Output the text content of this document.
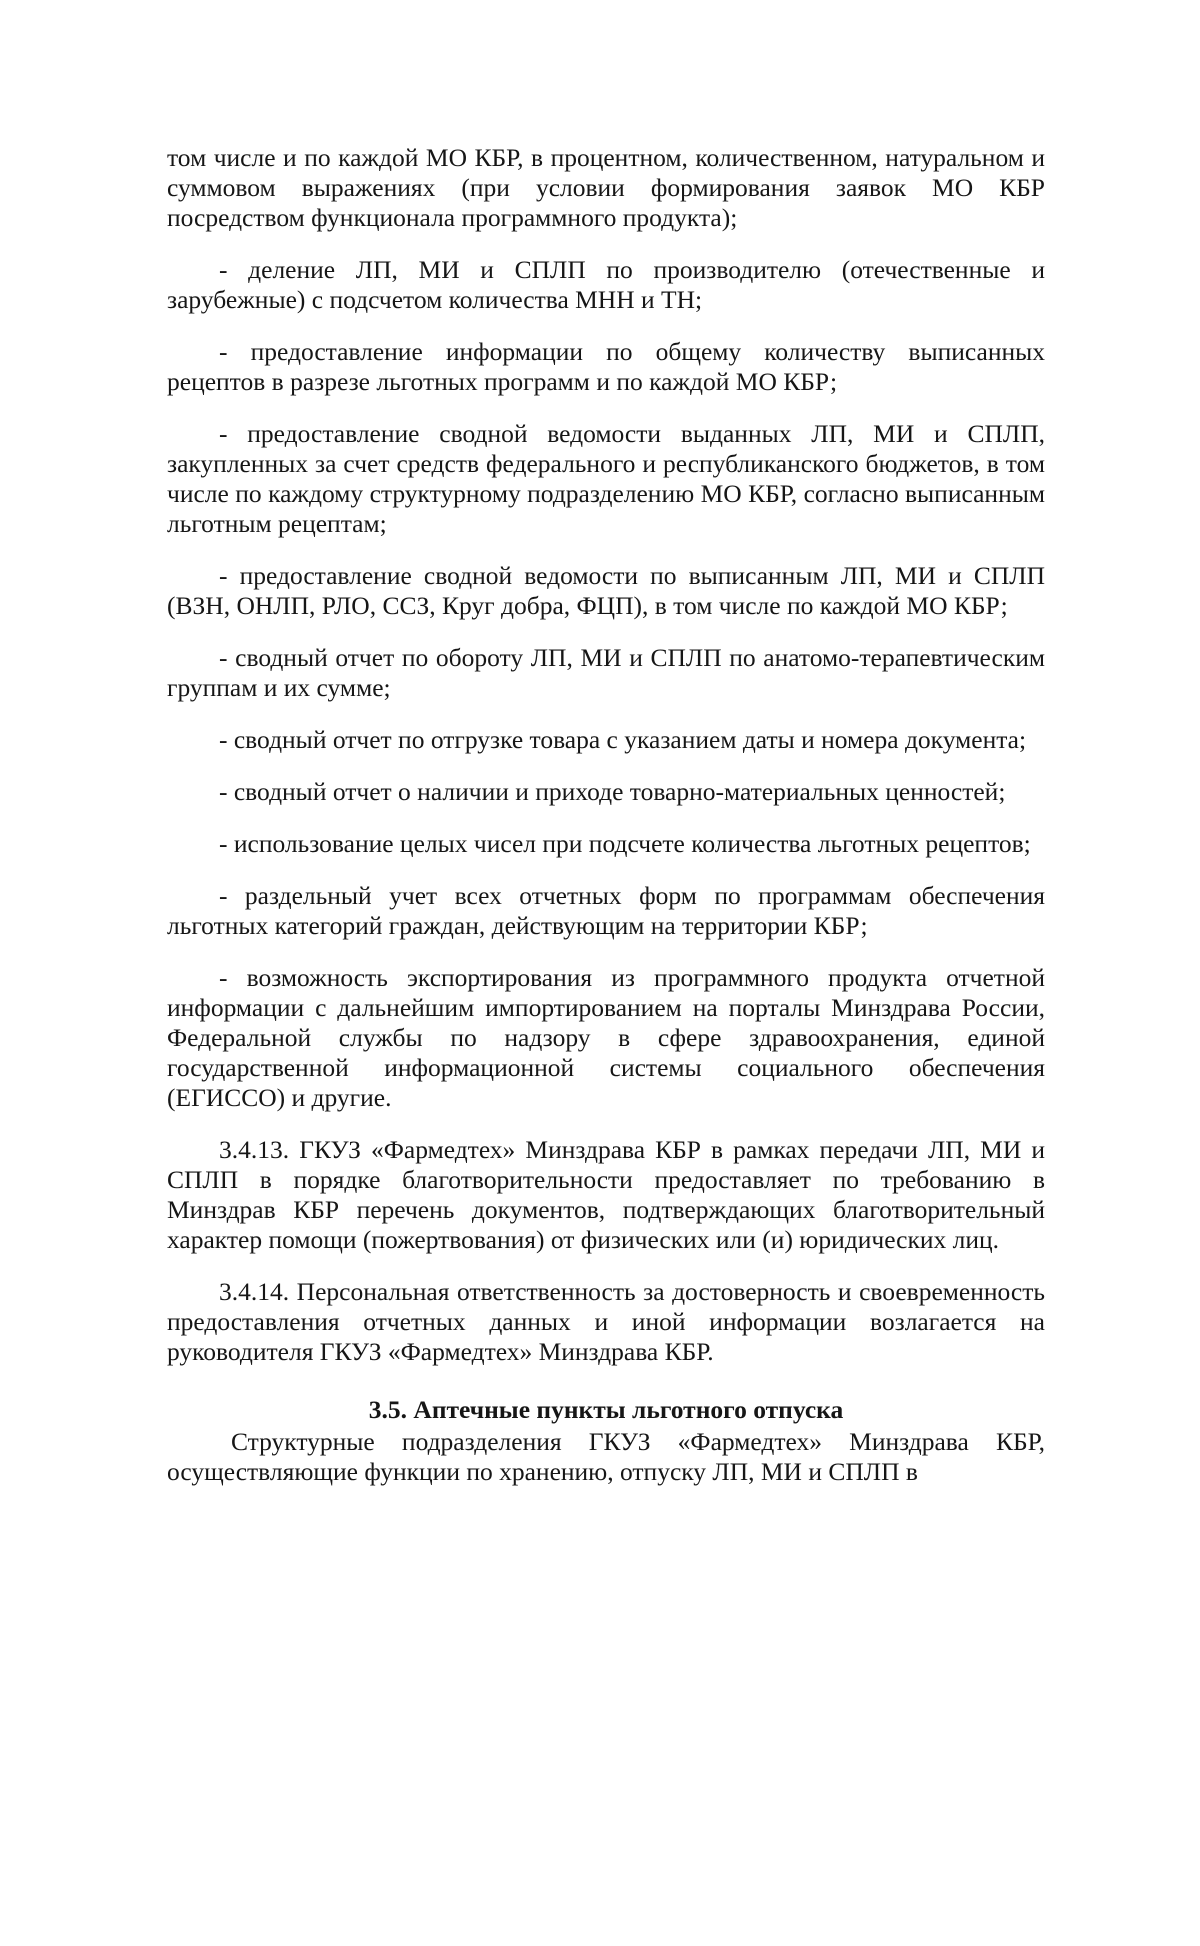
том числе и по каждой МО КБР, в процентном, количественном, натуральном и суммовом выражениях (при условии формирования заявок МО КБР посредством функционала программного продукта);

- деление ЛП, МИ и СПЛП по производителю (отечественные и зарубежные) с подсчетом количества МНН и ТН;

- предоставление информации по общему количеству выписанных рецептов в разрезе льготных программ и по каждой МО КБР;

- предоставление сводной ведомости выданных ЛП, МИ и СПЛП, закупленных за счет средств федерального и республиканского бюджетов, в том числе по каждому структурному подразделению МО КБР, согласно выписанным льготным рецептам;

- предоставление сводной ведомости по выписанным ЛП, МИ и СПЛП (ВЗН, ОНЛП, РЛО, ССЗ, Круг добра, ФЦП), в том числе по каждой МО КБР;

- сводный отчет по обороту ЛП, МИ и СПЛП по анатомо-терапевтическим группам и их сумме;

- сводный отчет по отгрузке товара с указанием даты и номера документа;

- сводный отчет о наличии и приходе товарно-материальных ценностей;

- использование целых чисел при подсчете количества льготных рецептов;

- раздельный учет всех отчетных форм по программам обеспечения льготных категорий граждан, действующим на территории КБР;

- возможность экспортирования из программного продукта отчетной информации с дальнейшим импортированием на порталы Минздрава России, Федеральной службы по надзору в сфере здравоохранения, единой государственной информационной системы социального обеспечения (ЕГИССО) и другие.

3.4.13. ГКУЗ «Фармедтех» Минздрава КБР в рамках передачи ЛП, МИ и СПЛП в порядке благотворительности предоставляет по требованию в Минздрав КБР перечень документов, подтверждающих благотворительный характер помощи (пожертвования) от физических или (и) юридических лиц.

3.4.14. Персональная ответственность за достоверность и своевременность предоставления отчетных данных и иной информации возлагается на руководителя ГКУЗ «Фармедтех» Минздрава КБР.

3.5. Аптечные пункты льготного отпуска

Структурные подразделения ГКУЗ «Фармедтех» Минздрава КБР, осуществляющие функции по хранению, отпуску ЛП, МИ и СПЛП в
